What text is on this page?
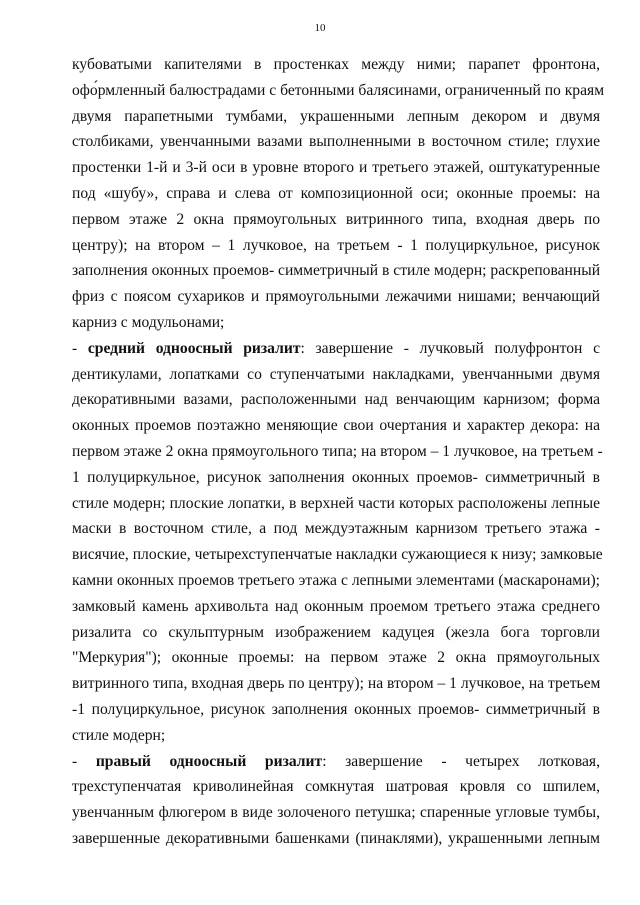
10

кубоватыми капителями в простенках между ними; парапет фронтона,
офо́рмленный балюстрадами с бетонными балясинами, ограниченный по краям
двумя парапетными тумбами, украшенными лепным декором и двумя
столбиками, увенчанными вазами выполненными в восточном стиле; глухие
простенки 1-й и 3-й оси в уровне второго и третьего этажей, оштукатуренные
под «шубу», справа и слева от композиционной оси; оконные проемы: на
первом этаже 2 окна прямоугольных витринного типа, входная дверь по
центру); на втором – 1 лучковое, на третьем - 1 полуциркульное, рисунок
заполнения оконных проемов- симметричный в стиле модерн; раскрепованный
фриз с поясом сухариков и прямоугольными лежачими нишами; венчающий
карниз с модульонами;

- средний одноосный ризалит: завершение - лучковый полуфронтон с
дентикулами, лопатками со ступенчатыми накладками, увенчанными двумя
декоративными вазами, расположенными над венчающим карнизом; форма
оконных проемов поэтажно меняющие свои очертания и характер декора: на
первом этаже 2 окна прямоугольного типа; на втором – 1 лучковое, на третьем -
1 полуциркульное, рисунок заполнения оконных проемов- симметричный в
стиле модерн; плоские лопатки, в верхней части которых расположены лепные
маски в восточном стиле, а под междуэтажным карнизом третьего этажа -
висячие, плоские, четырехступенчатые накладки сужающиеся к низу; замковые
камни оконных проемов третьего этажа с лепными элементами (маскаронами);
замковый камень архивольта над оконным проемом третьего этажа среднего
ризалита со скульптурным изображением кадуцея (жезла бога торговли
"Меркурия"); оконные проемы: на первом этаже 2 окна прямоугольных
витринного типа, входная дверь по центру); на втором – 1 лучковое, на третьем
-1 полуциркульное, рисунок заполнения оконных проемов- симметричный в
стиле модерн;

- правый одноосный ризалит: завершение - четырех лотковая,
трехступенчатая криволинейная сомкнутая шатровая кровля со шпилем,
увенчанным флюгером в виде золоченого петушка; спаренные угловые тумбы,
завершенные декоративными башенками (пинаклями), украшенными лепным
